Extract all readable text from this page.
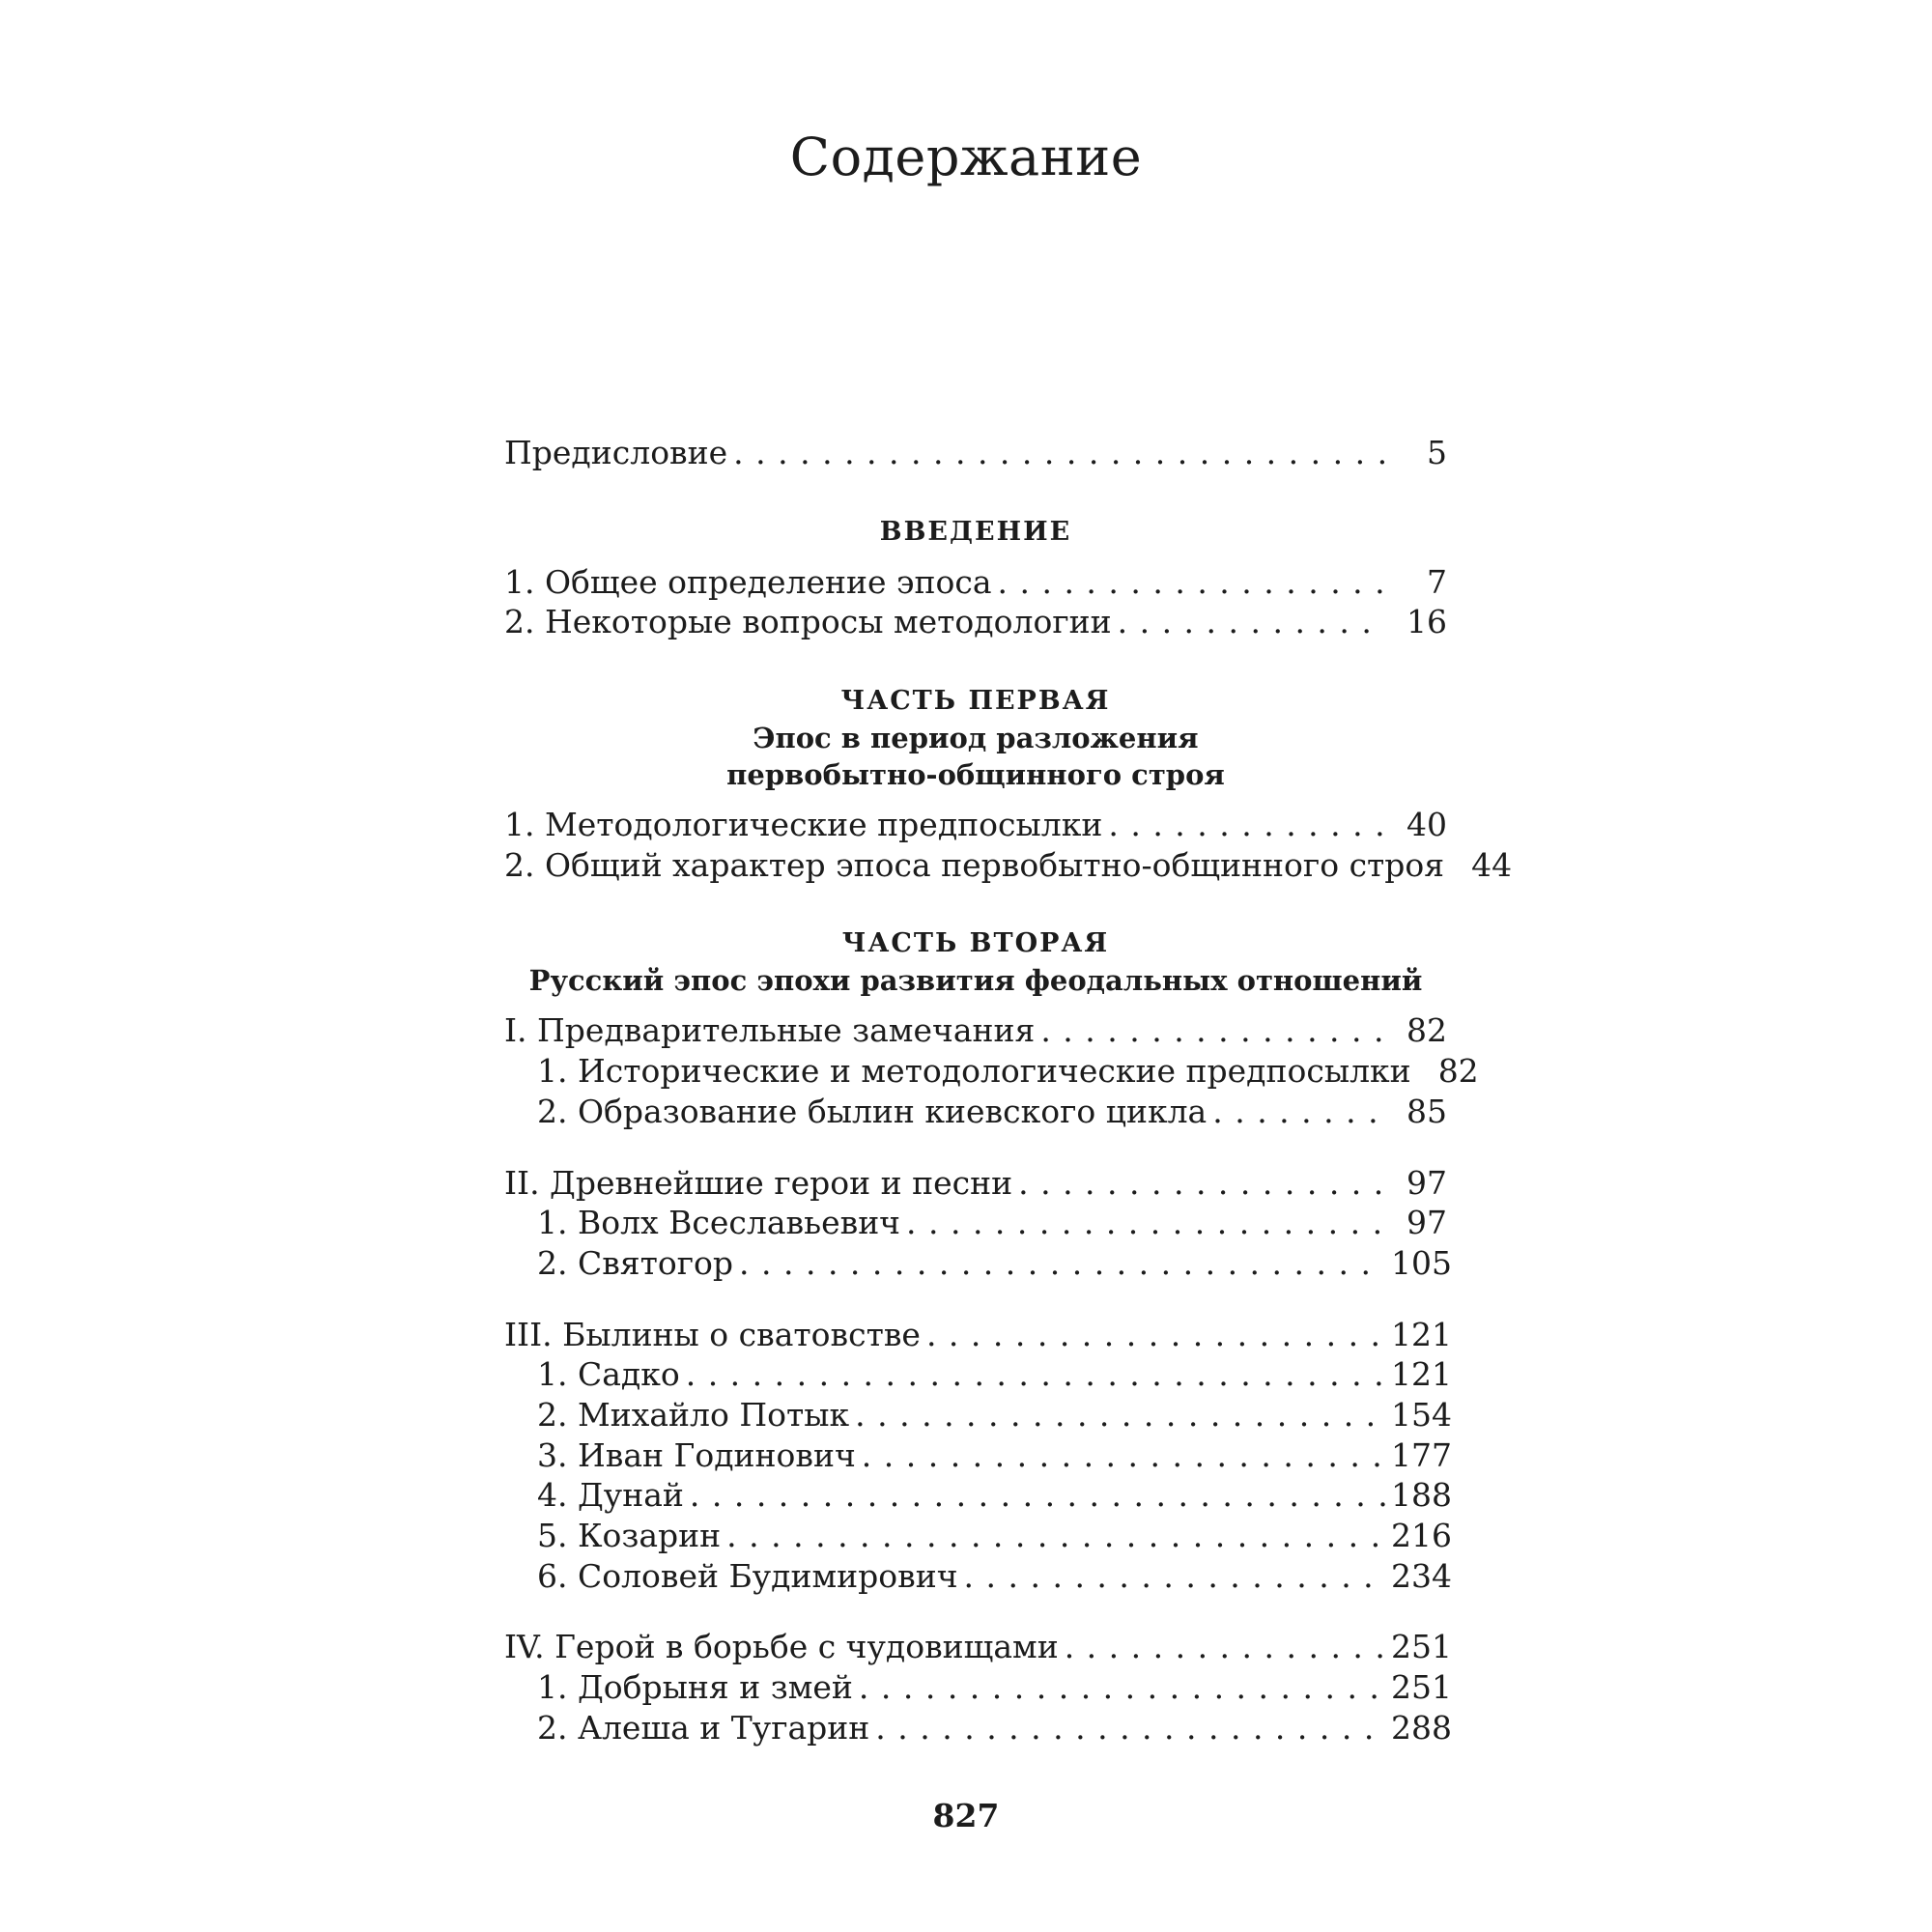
Содержание
Предисловие . . .	5
ВВЕДЕНИЕ
1. Общее определение эпоса . . .	7
2. Некоторые вопросы методологии . . .	16
ЧАСТЬ ПЕРВАЯ
Эпос в период разложения
первобытно-общинного строя
1. Методологические предпосылки . . .	40
2. Общий характер эпоса первобытно-общинного строя 44
ЧАСТЬ ВТОРАЯ
Русский эпос эпохи развития феодальных отношений
I. Предварительные замечания . . .	82
1. Исторические и методологические предпосылки 82
2. Образование былин киевского цикла . . .	85
II. Древнейшие герои и песни . . .	97
1. Волх Всеславьевич . . .	97
2. Святогор . . .	105
III. Былины о сватовстве . . .	121
1. Садко . . .	121
2. Михайло Потык . . .	154
3. Иван Годинович . . .	177
4. Дунай . . .	188
5. Козарин . . .	216
6. Соловей Будимирович . . .	234
IV. Герой в борьбе с чудовищами . . .	251
1. Добрыня и змей . . .	251
2. Алеша и Тугарин . . .	288
827
